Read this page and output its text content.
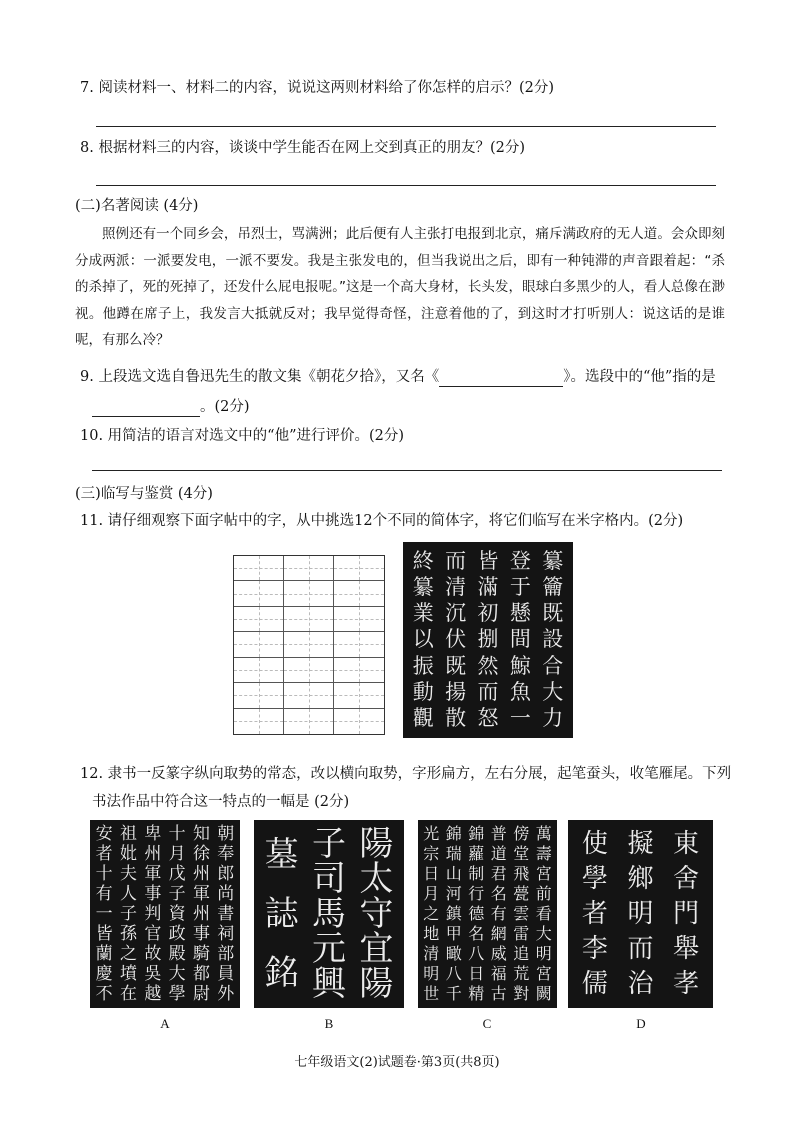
7. 阅读材料一、材料二的内容，说说这两则材料给了你怎样的启示？(2分)
8. 根据材料三的内容，谈谈中学生能否在网上交到真正的朋友？(2分)
(二)名著阅读 (4分)
照例还有一个同乡会，吊烈士，骂满洲；此后便有人主张打电报到北京，痛斥满政府的无人道。会众即刻分成两派：一派要发电，一派不要发。我是主张发电的，但当我说出之后，即有一种钝滞的声音跟着起：“杀的杀掉了，死的死掉了，还发什么屁电报呢。”这是一个高大身材，长头发，眼球白多黑少的人，看人总像在渺视。他蹲在席子上，我发言大抵就反对；我早觉得奇怪，注意着他的了，到这时才打听别人：说这话的是谁呢，有那么冷？
9. 上段选文选自鲁迅先生的散文集《朝花夕拾》，又名《	》。选段中的“他”指的是
。(2分)
10. 用简洁的语言对选文中的“他”进行评价。(2分)
(三)临写与鉴赏 (4分)
11. 请仔细观察下面字帖中的字，从中挑选12个不同的简体字，将它们临写在米字格内。(2分)
纂
籥
既
設
合
大
力
登
于
懸
間
鯨
魚
一
皆
滿
初
捌
然
而
怒
而
清
沉
伏
既
揚
散
終
纂
業
以
振
動
觀
12. 隶书一反篆字纵向取势的常态，改以横向取势，字形扁方，左右分展，起笔蚕头，收笔雁尾。下列
书法作品中符合这一特点的一幅是 (2分)
朝
奉
郎
尚
書
祠
部
員
外
知
徐
州
軍
州
事
騎
都
尉
十
月
戊
子
資
政
殿
大
學
卑
州
軍
事
判
官
故
吳
越
祖
妣
夫
人
子
孫
之
墳
在
安
者
十
有
一
皆
蘭
慶
不
陽
太
守
宜
陽
子
司
馬
元
興
墓
誌
銘
萬
壽
宮
前
看
大
明
宮
闕
傍
堂
飛
甍
雲
雷
追
荒
對
普
道
君
名
有
網
威
福
古
錦
蘿
制
行
德
名
八
日
精
錦
瑞
山
河
鎮
甲
瞰
八
千
光
宗
日
月
之
地
清
明
世
東
舍
門
舉
孝
擬
鄉
明
而
治
使
學
者
李
儒
A	B	C	D
七年级语文(2)试题卷·第3页(共8页)
